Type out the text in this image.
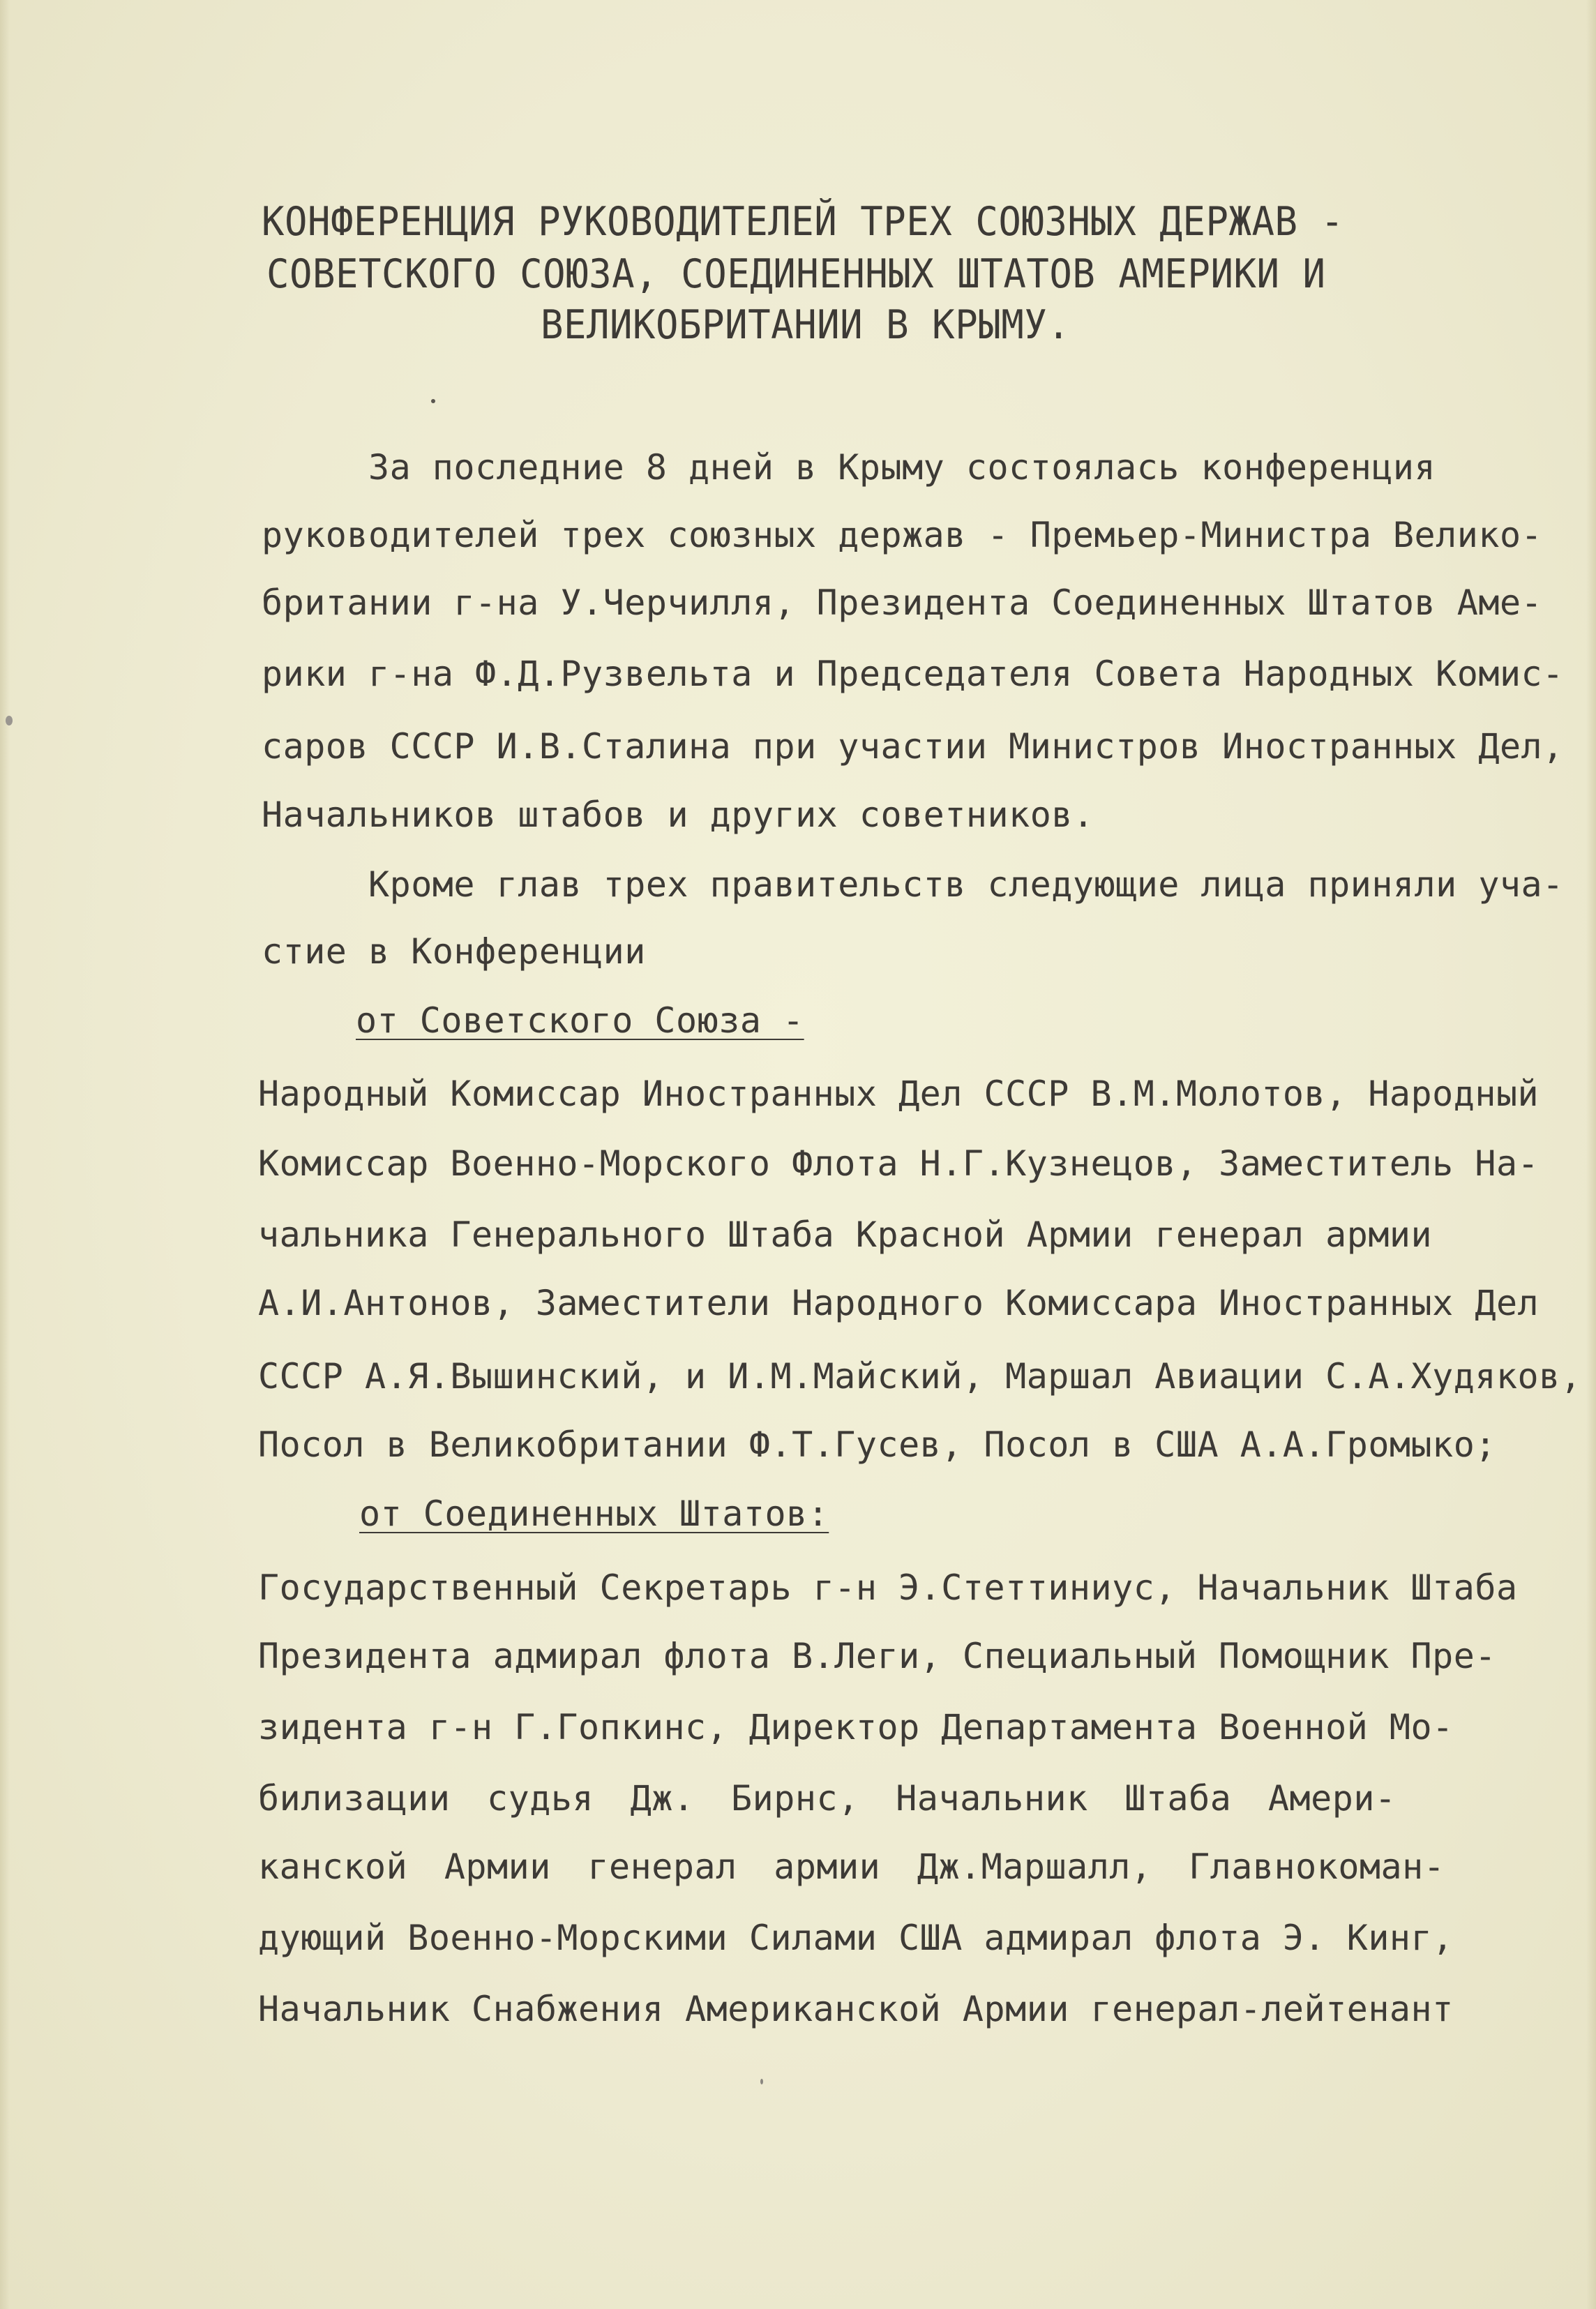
КОНФЕРЕНЦИЯ РУКОВОДИТЕЛЕЙ ТРЕХ СОЮЗНЫХ ДЕРЖАВ -
СОВЕТСКОГО СОЮЗА, СОЕДИНЕННЫХ ШТАТОВ АМЕРИКИ И
ВЕЛИКОБРИТАНИИ В КРЫМУ.
За последние 8 дней в Крыму состоялась конференция
руководителей трех союзных держав - Премьер-Министра Велико-
британии г-на У.Черчилля, Президента Соединенных Штатов Аме-
рики г-на Ф.Д.Рузвельта и Председателя Совета Народных Комис-
саров СССР И.В.Сталина при участии Министров Иностранных Дел,
Начальников штабов и других советников.
Кроме глав трех правительств следующие лица приняли уча-
стие в Конференции
от Советского Союза -
Народный Комиссар Иностранных Дел СССР В.М.Молотов, Народный
Комиссар Военно-Морского Флота Н.Г.Кузнецов, Заместитель На-
чальника Генерального Штаба Красной Армии генерал армии
А.И.Антонов, Заместители Народного Комиссара Иностранных Дел
СССР А.Я.Вышинский, и И.М.Майский, Маршал Авиации С.А.Худяков,
Посол в Великобритании Ф.Т.Гусев, Посол в США А.А.Громыко;
от Соединенных Штатов:
Государственный Секретарь г-н Э.Стеттиниус, Начальник Штаба
Президента адмирал флота В.Леги, Специальный Помощник Пре-
зидента г-н Г.Гопкинс, Директор Департамента Военной Мо-
билизации судья Дж. Бирнс, Начальник Штаба Амери-
канской Армии генерал армии Дж.Маршалл, Главнокоман-
дующий Военно-Морскими Силами США адмирал флота Э. Кинг,
Начальник Снабжения Американской Армии генерал-лейтенант
